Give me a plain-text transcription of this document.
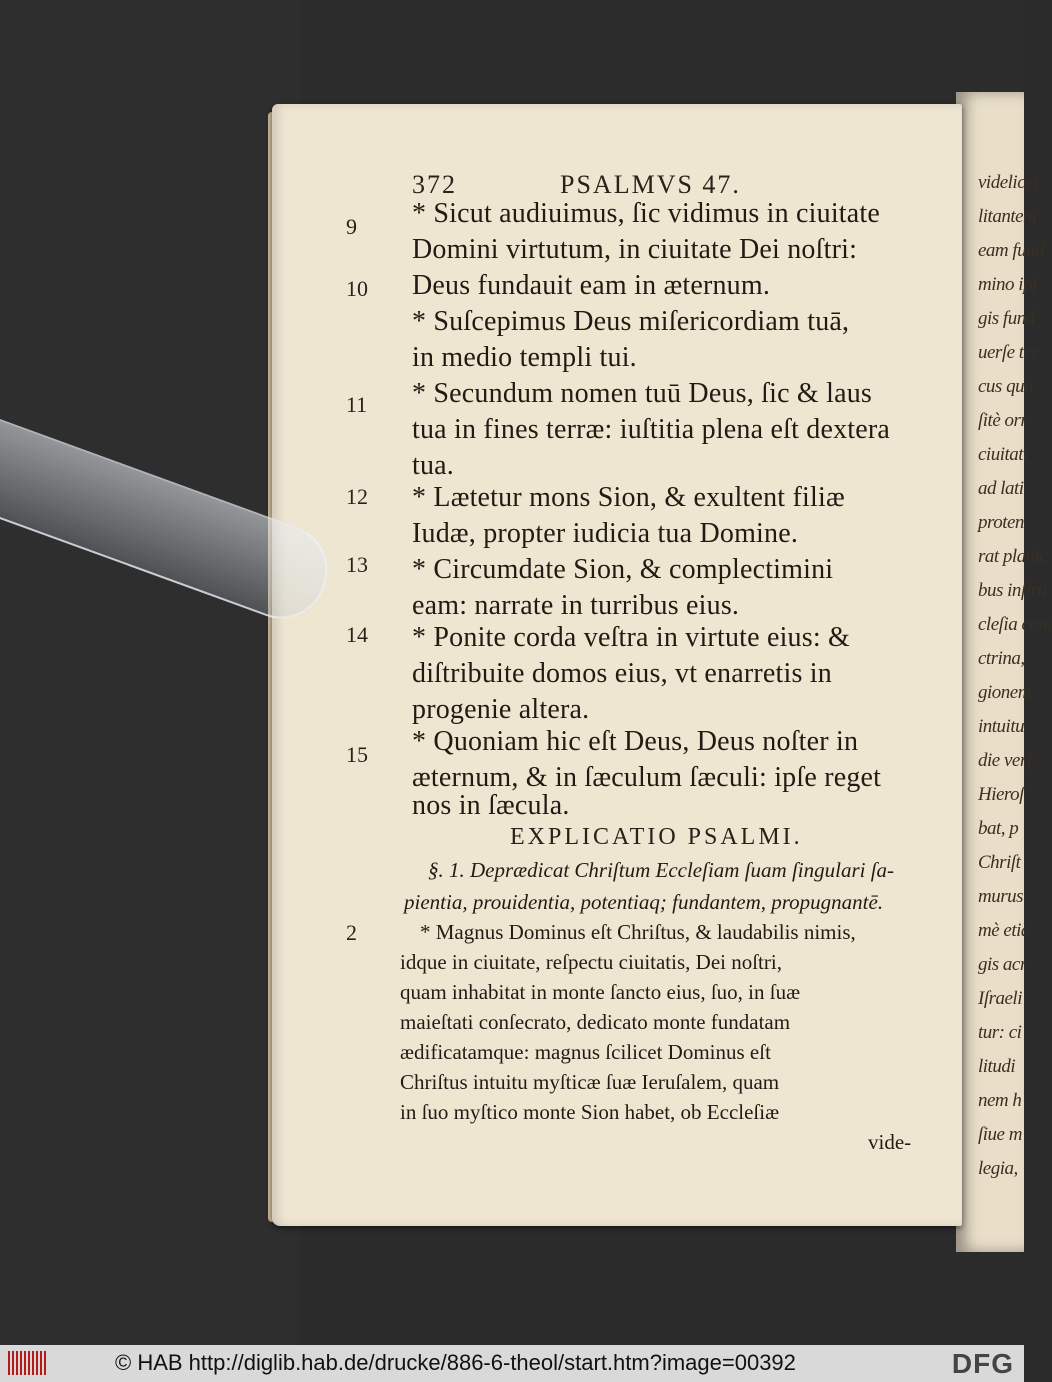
videlicet
litantem
eam fund
mino ipſ
gis fund
uerſe ter
cus qua
ſitè orr
ciuitati
ad lati
proten
rat planic
bus inſtru
cleſia com
ctrina,
gionem
intuitu
die verſ
Hieroſ
bat, p
Chriſt
murus
mè etia
gis acr
Iſraeli
tur: ci
litudi
nem h
ſiue m
legia,
372	PSALMVS 47.
9
10
11
12
13
14
15
2
* Sicut audiuimus, ſic vidimus in ciuitate
Domini virtutum, in ciuitate Dei noſtri:
Deus fundauit eam in æternum.
* Suſcepimus Deus miſericordiam tuā,
in medio templi tui.
* Secundum nomen tuū Deus, ſic & laus
tua in fines terræ: iuſtitia plena eſt dextera
tua.
* Lætetur mons Sion, & exultent filiæ
Iudæ, propter iudicia tua Domine.
* Circumdate Sion, & complectimini
eam: narrate in turribus eius.
* Ponite corda veſtra in virtute eius: &
diſtribuite domos eius, vt enarretis in
progenie altera.
* Quoniam hic eſt Deus, Deus noſter in
æternum, & in ſæculum ſæculi: ipſe reget
nos in ſæcula.
EXPLICATIO PSALMI.
§. 1. Deprædicat Chriſtum Eccleſiam ſuam ſingulari ſa-
pientia, prouidentia, potentiaq; fundantem, propugnantē.
* Magnus Dominus eſt Chriſtus, & laudabilis nimis,
idque in ciuitate, reſpectu ciuitatis, Dei noſtri,
quam inhabitat in monte ſancto eius, ſuo, in ſuæ
maieſtati conſecrato, dedicato monte fundatam
ædificatamque: magnus ſcilicet Dominus eſt
Chriſtus intuitu myſticæ ſuæ Ieruſalem, quam
in ſuo myſtico monte Sion habet, ob Eccleſiæ
vide-
© HAB http://diglib.hab.de/drucke/886-6-theol/start.htm?image=00392	DFG
